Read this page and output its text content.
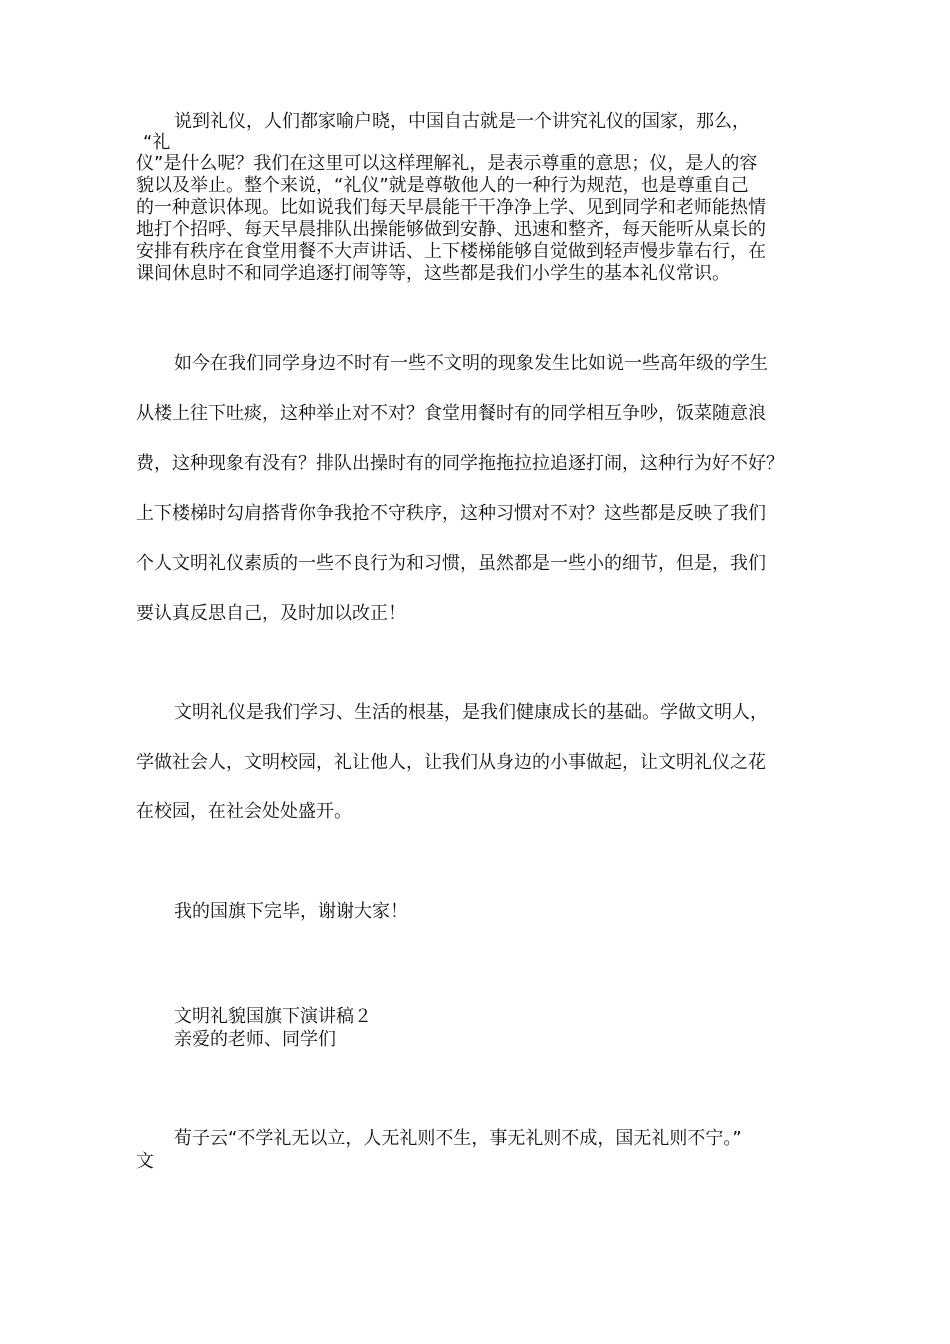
说到礼仪，人们都家喻户晓，中国自古就是一个讲究礼仪的国家，那么，
“礼
仪”是什么呢？我们在这里可以这样理解礼，是表示尊重的意思；仪，是人的容
貌以及举止。整个来说，“礼仪”就是尊敬他人的一种行为规范，也是尊重自己
的一种意识体现。比如说我们每天早晨能干干净净上学、见到同学和老师能热情
地打个招呼、每天早晨排队出操能够做到安静、迅速和整齐，每天能听从桌长的
安排有秩序在食堂用餐不大声讲话、上下楼梯能够自觉做到轻声慢步靠右行，在
课间休息时不和同学追逐打闹等等，这些都是我们小学生的基本礼仪常识。
如今在我们同学身边不时有一些不文明的现象发生比如说一些高年级的学生
从楼上往下吐痰，这种举止对不对？食堂用餐时有的同学相互争吵，饭菜随意浪
费，这种现象有没有？排队出操时有的同学拖拖拉拉追逐打闹，这种行为好不好？
上下楼梯时勾肩搭背你争我抢不守秩序，这种习惯对不对？这些都是反映了我们
个人文明礼仪素质的一些不良行为和习惯，虽然都是一些小的细节，但是，我们
要认真反思自己，及时加以改正！
文明礼仪是我们学习、生活的根基，是我们健康成长的基础。学做文明人，
学做社会人，文明校园，礼让他人，让我们从身边的小事做起，让文明礼仪之花
在校园，在社会处处盛开。
我的国旗下完毕，谢谢大家！
文明礼貌国旗下演讲稿２
亲爱的老师、同学们
荀子云“不学礼无以立，人无礼则不生，事无礼则不成，国无礼则不宁。”
文
